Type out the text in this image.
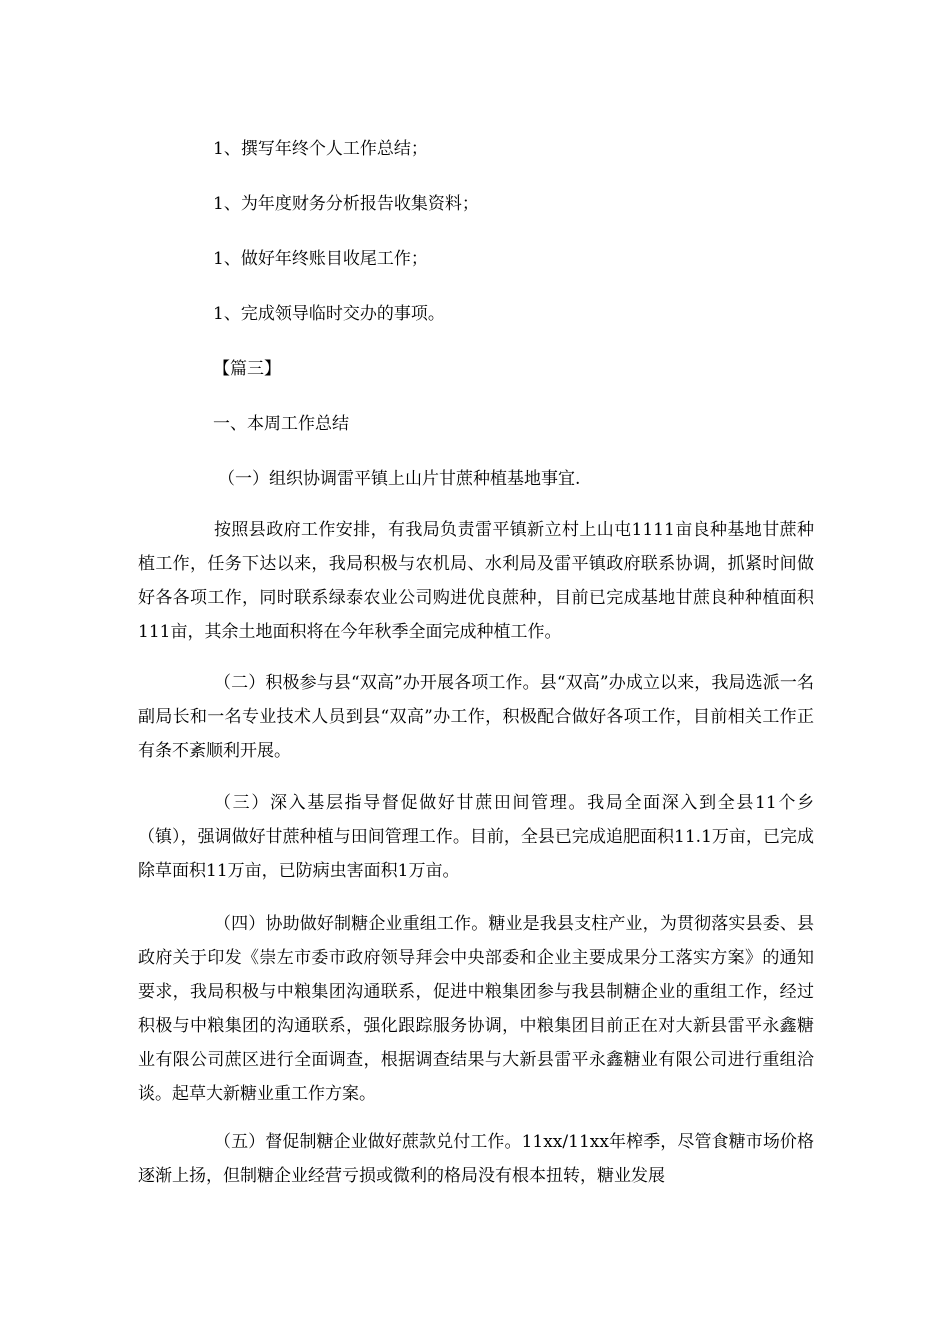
1、撰写年终个人工作总结；
1、为年度财务分析报告收集资料；
1、做好年终账目收尾工作；
1、完成领导临时交办的事项。
【篇三】
一、本周工作总结
（一）组织协调雷平镇上山片甘蔗种植基地事宜.
按照县政府工作安排，有我局负责雷平镇新立村上山屯1111亩良种基地甘蔗种植工作，任务下达以来，我局积极与农机局、水利局及雷平镇政府联系协调，抓紧时间做好各各项工作，同时联系绿泰农业公司购进优良蔗种，目前已完成基地甘蔗良种种植面积111亩，其余土地面积将在今年秋季全面完成种植工作。
（二）积极参与县“双高”办开展各项工作。县“双高”办成立以来，我局选派一名副局长和一名专业技术人员到县“双高”办工作，积极配合做好各项工作，目前相关工作正有条不紊顺利开展。
（三）深入基层指导督促做好甘蔗田间管理。我局全面深入到全县11个乡（镇），强调做好甘蔗种植与田间管理工作。目前，全县已完成追肥面积11.1万亩，已完成除草面积11万亩，已防病虫害面积1万亩。
（四）协助做好制糖企业重组工作。糖业是我县支柱产业，为贯彻落实县委、县政府关于印发《崇左市委市政府领导拜会中央部委和企业主要成果分工落实方案》的通知要求，我局积极与中粮集团沟通联系，促进中粮集团参与我县制糖企业的重组工作，经过积极与中粮集团的沟通联系，强化跟踪服务协调，中粮集团目前正在对大新县雷平永鑫糖业有限公司蔗区进行全面调查，根据调查结果与大新县雷平永鑫糖业有限公司进行重组洽谈。起草大新糖业重工作方案。
（五）督促制糖企业做好蔗款兑付工作。11xx/11xx年榨季，尽管食糖市场价格逐渐上扬，但制糖企业经营亏损或微利的格局没有根本扭转，糖业发展
